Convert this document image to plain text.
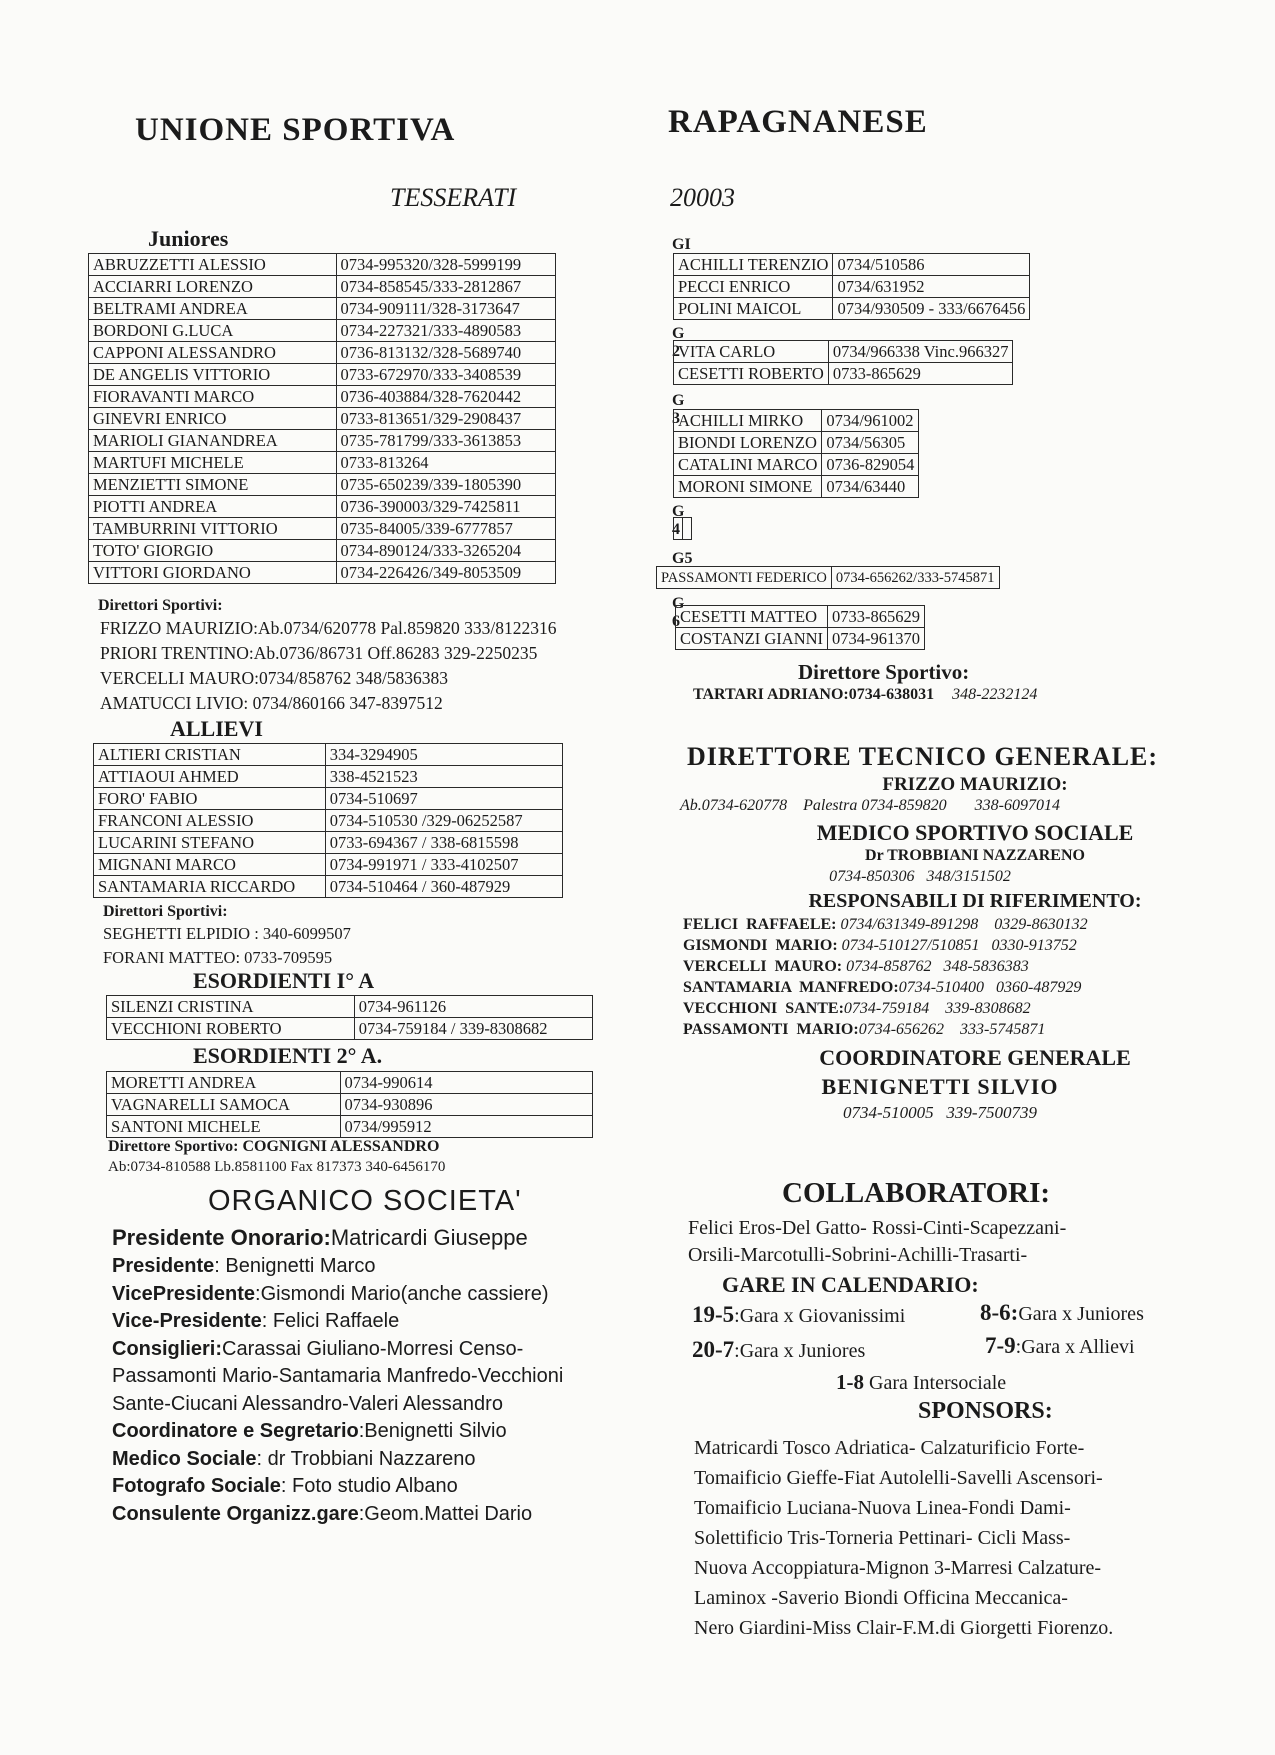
UNIONE SPORTIVA	RAPAGNANESE
TESSERATI	20003
Juniores
ABRUZZETTI ALESSIO	0734-995320/328-5999199
ACCIARRI LORENZO	0734-858545/333-2812867
BELTRAMI ANDREA	0734-909111/328-3173647
BORDONI G.LUCA	0734-227321/333-4890583
CAPPONI ALESSANDRO	0736-813132/328-5689740
DE ANGELIS VITTORIO	0733-672970/333-3408539
FIORAVANTI MARCO	0736-403884/328-7620442
GINEVRI ENRICO	0733-813651/329-2908437
MARIOLI GIANANDREA	0735-781799/333-3613853
MARTUFI MICHELE	0733-813264
MENZIETTI SIMONE	0735-650239/339-1805390
PIOTTI ANDREA	0736-390003/329-7425811
TAMBURRINI VITTORIO	0735-84005/339-6777857
TOTO' GIORGIO	0734-890124/333-3265204
VITTORI GIORDANO	0734-226426/349-8053509
Direttori Sportivi:
FRIZZO MAURIZIO:Ab.0734/620778 Pal.859820 333/8122316
PRIORI TRENTINO:Ab.0736/86731 Off.86283 329-2250235
VERCELLI MAURO:0734/858762 348/5836383
AMATUCCI LIVIO: 0734/860166 347-8397512
ALLIEVI
ALTIERI CRISTIAN	334-3294905
ATTIAOUI AHMED	338-4521523
FORO' FABIO	0734-510697
FRANCONI ALESSIO	0734-510530 /329-06252587
LUCARINI STEFANO	0733-694367 / 338-6815598
MIGNANI MARCO	0734-991971 / 333-4102507
SANTAMARIA RICCARDO	0734-510464 / 360-487929
Direttori Sportivi:
SEGHETTI ELPIDIO : 340-6099507
FORANI MATTEO: 0733-709595
ESORDIENTI I° A
SILENZI CRISTINA	0734-961126
VECCHIONI ROBERTO	0734-759184 / 339-8308682
ESORDIENTI 2° A.
MORETTI ANDREA	0734-990614
VAGNARELLI SAMOCA	0734-930896
SANTONI MICHELE	0734/995912
Direttore Sportivo: COGNIGNI ALESSANDRO
Ab:0734-810588 Lb.8581100 Fax 817373 340-6456170
ORGANICO SOCIETA'
Presidente Onorario:Matricardi Giuseppe
Presidente: Benignetti Marco
VicePresidente:Gismondi Mario(anche cassiere)
Vice-Presidente: Felici Raffaele
Consiglieri:Carassai Giuliano-Morresi Censo-
Passamonti Mario-Santamaria Manfredo-Vecchioni
Sante-Ciucani Alessandro-Valeri Alessandro
Coordinatore e Segretario:Benignetti Silvio
Medico Sociale: dr Trobbiani Nazzareno
Fotografo Sociale: Foto studio Albano
Consulente Organizz.gare:Geom.Mattei Dario
GI
ACHILLI TERENZIO	0734/510586
PECCI ENRICO	0734/631952
POLINI MAICOL	0734/930509 - 333/6676456
G 2
VITA CARLO	0734/966338 Vinc.966327
CESETTI ROBERTO	0733-865629
G 3
ACHILLI MIRKO	0734/961002
BIONDI LORENZO	0734/56305
CATALINI MARCO	0736-829054
MORONI SIMONE	0734/63440
G 4

G5
PASSAMONTI FEDERICO	0734-656262/333-5745871
G 6 CESETTI MATTEO	0733-865629
COSTANZI GIANNI	0734-961370
Direttore Sportivo:
TARTARI ADRIANO:0734-638031 348-2232124
DIRETTORE TECNICO GENERALE:
FRIZZO MAURIZIO:
Ab.0734-620778    Palestra 0734-859820       338-6097014
MEDICO SPORTIVO SOCIALE
Dr TROBBIANI NAZZARENO
0734-850306   348/3151502
RESPONSABILI DI RIFERIMENTO:
FELICI  RAFFAELE: 0734/631349-891298    0329-8630132
GISMONDI  MARIO: 0734-510127/510851   0330-913752
VERCELLI  MAURO: 0734-858762   348-5836383
SANTAMARIA  MANFREDO:0734-510400   0360-487929
VECCHIONI  SANTE:0734-759184    339-8308682
PASSAMONTI  MARIO:0734-656262    333-5745871
COORDINATORE GENERALE
BENIGNETTI SILVIO
0734-510005   339-7500739
COLLABORATORI:
Felici Eros-Del Gatto- Rossi-Cinti-Scapezzani-
Orsili-Marcotulli-Sobrini-Achilli-Trasarti-
GARE IN CALENDARIO:
19-5:Gara x Giovanissimi	8-6:Gara x Juniores
20-7:Gara x Juniores	7-9:Gara x Allievi
1-8 Gara Intersociale
SPONSORS:
Matricardi Tosco Adriatica- Calzaturificio Forte-
Tomaificio Gieffe-Fiat Autolelli-Savelli Ascensori-
Tomaificio Luciana-Nuova Linea-Fondi Dami-
Solettificio Tris-Torneria Pettinari- Cicli Mass-
Nuova Accoppiatura-Mignon 3-Marresi Calzature-
Laminox -Saverio Biondi Officina Meccanica-
Nero Giardini-Miss Clair-F.M.di Giorgetti Fiorenzo.
